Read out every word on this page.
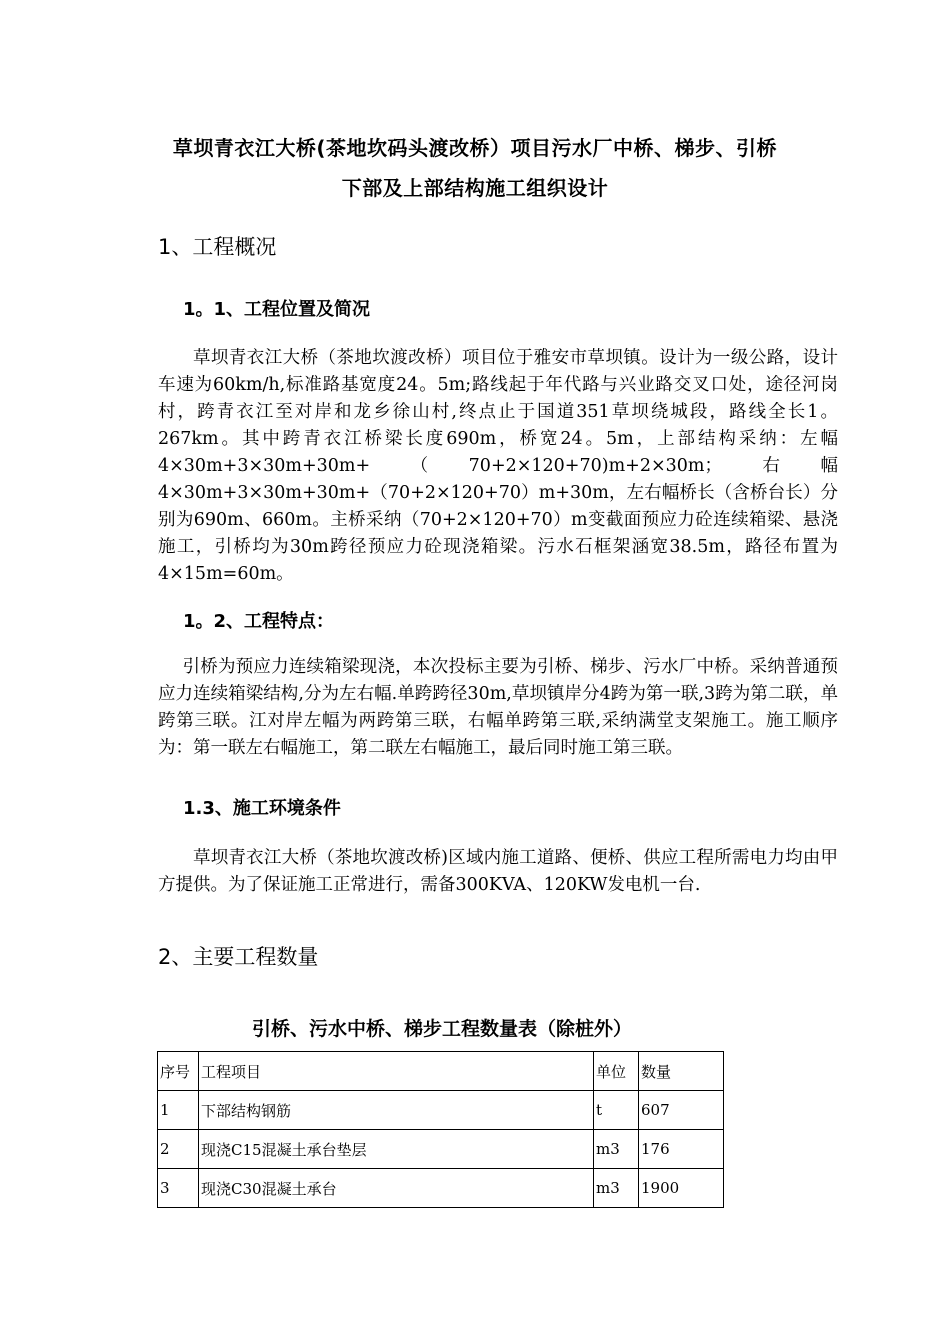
草坝青衣江大桥(茶地坎码头渡改桥）项目污水厂中桥、梯步、引桥
下部及上部结构施工组织设计
1、工程概况
1。1、工程位置及简况
草坝青衣江大桥（茶地坎渡改桥）项目位于雅安市草坝镇。设计为一级公路，设计车速为60km/h,标准路基宽度24。5m;路线起于年代路与兴业路交叉口处，途径河岗村，跨青衣江至对岸和龙乡徐山村,终点止于国道351草坝绕城段，路线全长1。267km。其中跨青衣江桥梁长度690m，桥宽24。5m，上部结构采纳：左幅4×30m+3×30m+30m+（70+2×120+70)m+2×30m；右幅4×30m+3×30m+30m+（70+2×120+70）m+30m，左右幅桥长（含桥台长）分别为690m、660m。主桥采纳（70+2×120+70）m变截面预应力砼连续箱梁、悬浇施工，引桥均为30m跨径预应力砼现浇箱梁。污水石框架涵宽38.5m，路径布置为4×15m=60m。
1。2、工程特点：
引桥为预应力连续箱梁现浇，本次投标主要为引桥、梯步、污水厂中桥。采纳普通预应力连续箱梁结构,分为左右幅.单跨跨径30m,草坝镇岸分4跨为第一联,3跨为第二联，单跨第三联。江对岸左幅为两跨第三联，右幅单跨第三联,采纳满堂支架施工。施工顺序为：第一联左右幅施工，第二联左右幅施工，最后同时施工第三联。
1.3、施工环境条件
草坝青衣江大桥（茶地坎渡改桥)区域内施工道路、便桥、供应工程所需电力均由甲方提供。为了保证施工正常进行，需备300KVA、120KW发电机一台.
2、主要工程数量
引桥、污水中桥、梯步工程数量表（除桩外）
序号	工程项目	单位	数量
1	下部结构钢筋	t	607
2	现浇C15混凝土承台垫层	m3	176
3	现浇C30混凝土承台	m3	1900
